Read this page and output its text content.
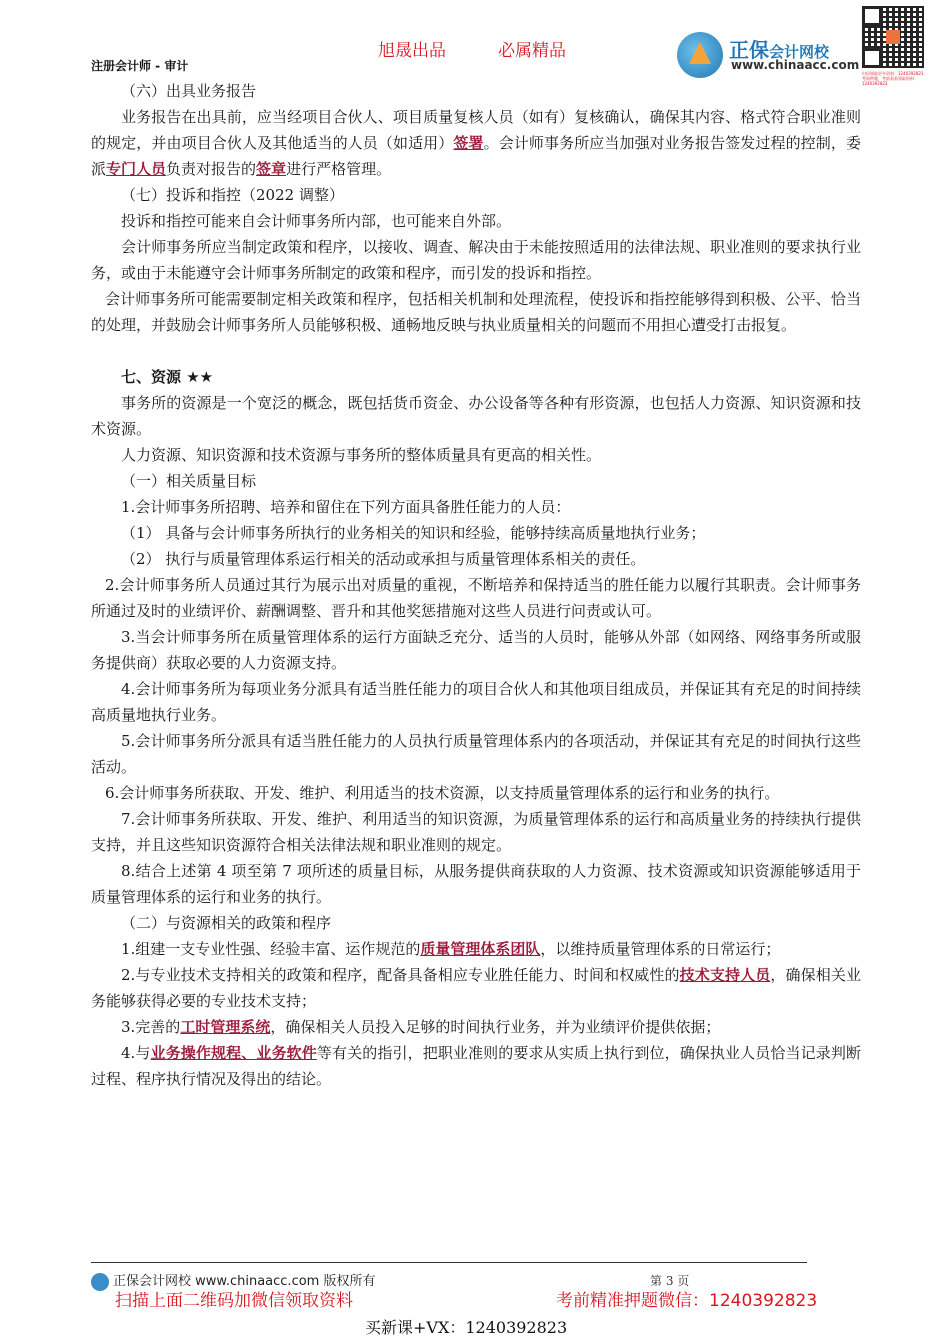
旭晟出品	必属精品
注册会计师 - 审计
正保会计网校
www.chinaacc.com
扫码领取更多资料：1240392823 考前押题，考前看看领取资料：1240392823

（六）出具业务报告

业务报告在出具前，应当经项目合伙人、项目质量复核人员（如有）复核确认，确保其内容、格式符合职业准则的规定，并由项目合伙人及其他适当的人员（如适用）签署。会计师事务所应当加强对业务报告签发过程的控制，委派专门人员负责对报告的签章进行严格管理。

（七）投诉和指控（2022 调整）

投诉和指控可能来自会计师事务所内部，也可能来自外部。

会计师事务所应当制定政策和程序，以接收、调查、解决由于未能按照适用的法律法规、职业准则的要求执行业务，或由于未能遵守会计师事务所制定的政策和程序，而引发的投诉和指控。

会计师事务所可能需要制定相关政策和程序，包括相关机制和处理流程，使投诉和指控能够得到积极、公平、恰当的处理，并鼓励会计师事务所人员能够积极、通畅地反映与执业质量相关的问题而不用担心遭受打击报复。

七、资源 ★★

事务所的资源是一个宽泛的概念，既包括货币资金、办公设备等各种有形资源，也包括人力资源、知识资源和技术资源。

人力资源、知识资源和技术资源与事务所的整体质量具有更高的相关性。

（一）相关质量目标

1.会计师事务所招聘、培养和留住在下列方面具备胜任能力的人员：

（1） 具备与会计师事务所执行的业务相关的知识和经验，能够持续高质量地执行业务；

（2） 执行与质量管理体系运行相关的活动或承担与质量管理体系相关的责任。

2.会计师事务所人员通过其行为展示出对质量的重视，不断培养和保持适当的胜任能力以履行其职责。会计师事务所通过及时的业绩评价、薪酬调整、晋升和其他奖惩措施对这些人员进行问责或认可。

3.当会计师事务所在质量管理体系的运行方面缺乏充分、适当的人员时，能够从外部（如网络、网络事务所或服务提供商）获取必要的人力资源支持。

4.会计师事务所为每项业务分派具有适当胜任能力的项目合伙人和其他项目组成员，并保证其有充足的时间持续高质量地执行业务。

5.会计师事务所分派具有适当胜任能力的人员执行质量管理体系内的各项活动，并保证其有充足的时间执行这些活动。

6.会计师事务所获取、开发、维护、利用适当的技术资源，以支持质量管理体系的运行和业务的执行。

7.会计师事务所获取、开发、维护、利用适当的知识资源，为质量管理体系的运行和高质量业务的持续执行提供支持，并且这些知识资源符合相关法律法规和职业准则的规定。

8.结合上述第 4 项至第 7 项所述的质量目标，从服务提供商获取的人力资源、技术资源或知识资源能够适用于质量管理体系的运行和业务的执行。

（二）与资源相关的政策和程序

1.组建一支专业性强、经验丰富、运作规范的质量管理体系团队，以维持质量管理体系的日常运行；

2.与专业技术支持相关的政策和程序，配备具备相应专业胜任能力、时间和权威性的技术支持人员，确保相关业务能够获得必要的专业技术支持；

3.完善的工时管理系统，确保相关人员投入足够的时间执行业务，并为业绩评价提供依据；

4.与业务操作规程、业务软件等有关的指引，把职业准则的要求从实质上执行到位，确保执业人员恰当记录判断过程、程序执行情况及得出的结论。

正保会计网校 www.chinaacc.com 版权所有	第 3 页
扫描上面二维码加微信领取资料	考前精准押题微信：1240392823
买新课+VX：1240392823
